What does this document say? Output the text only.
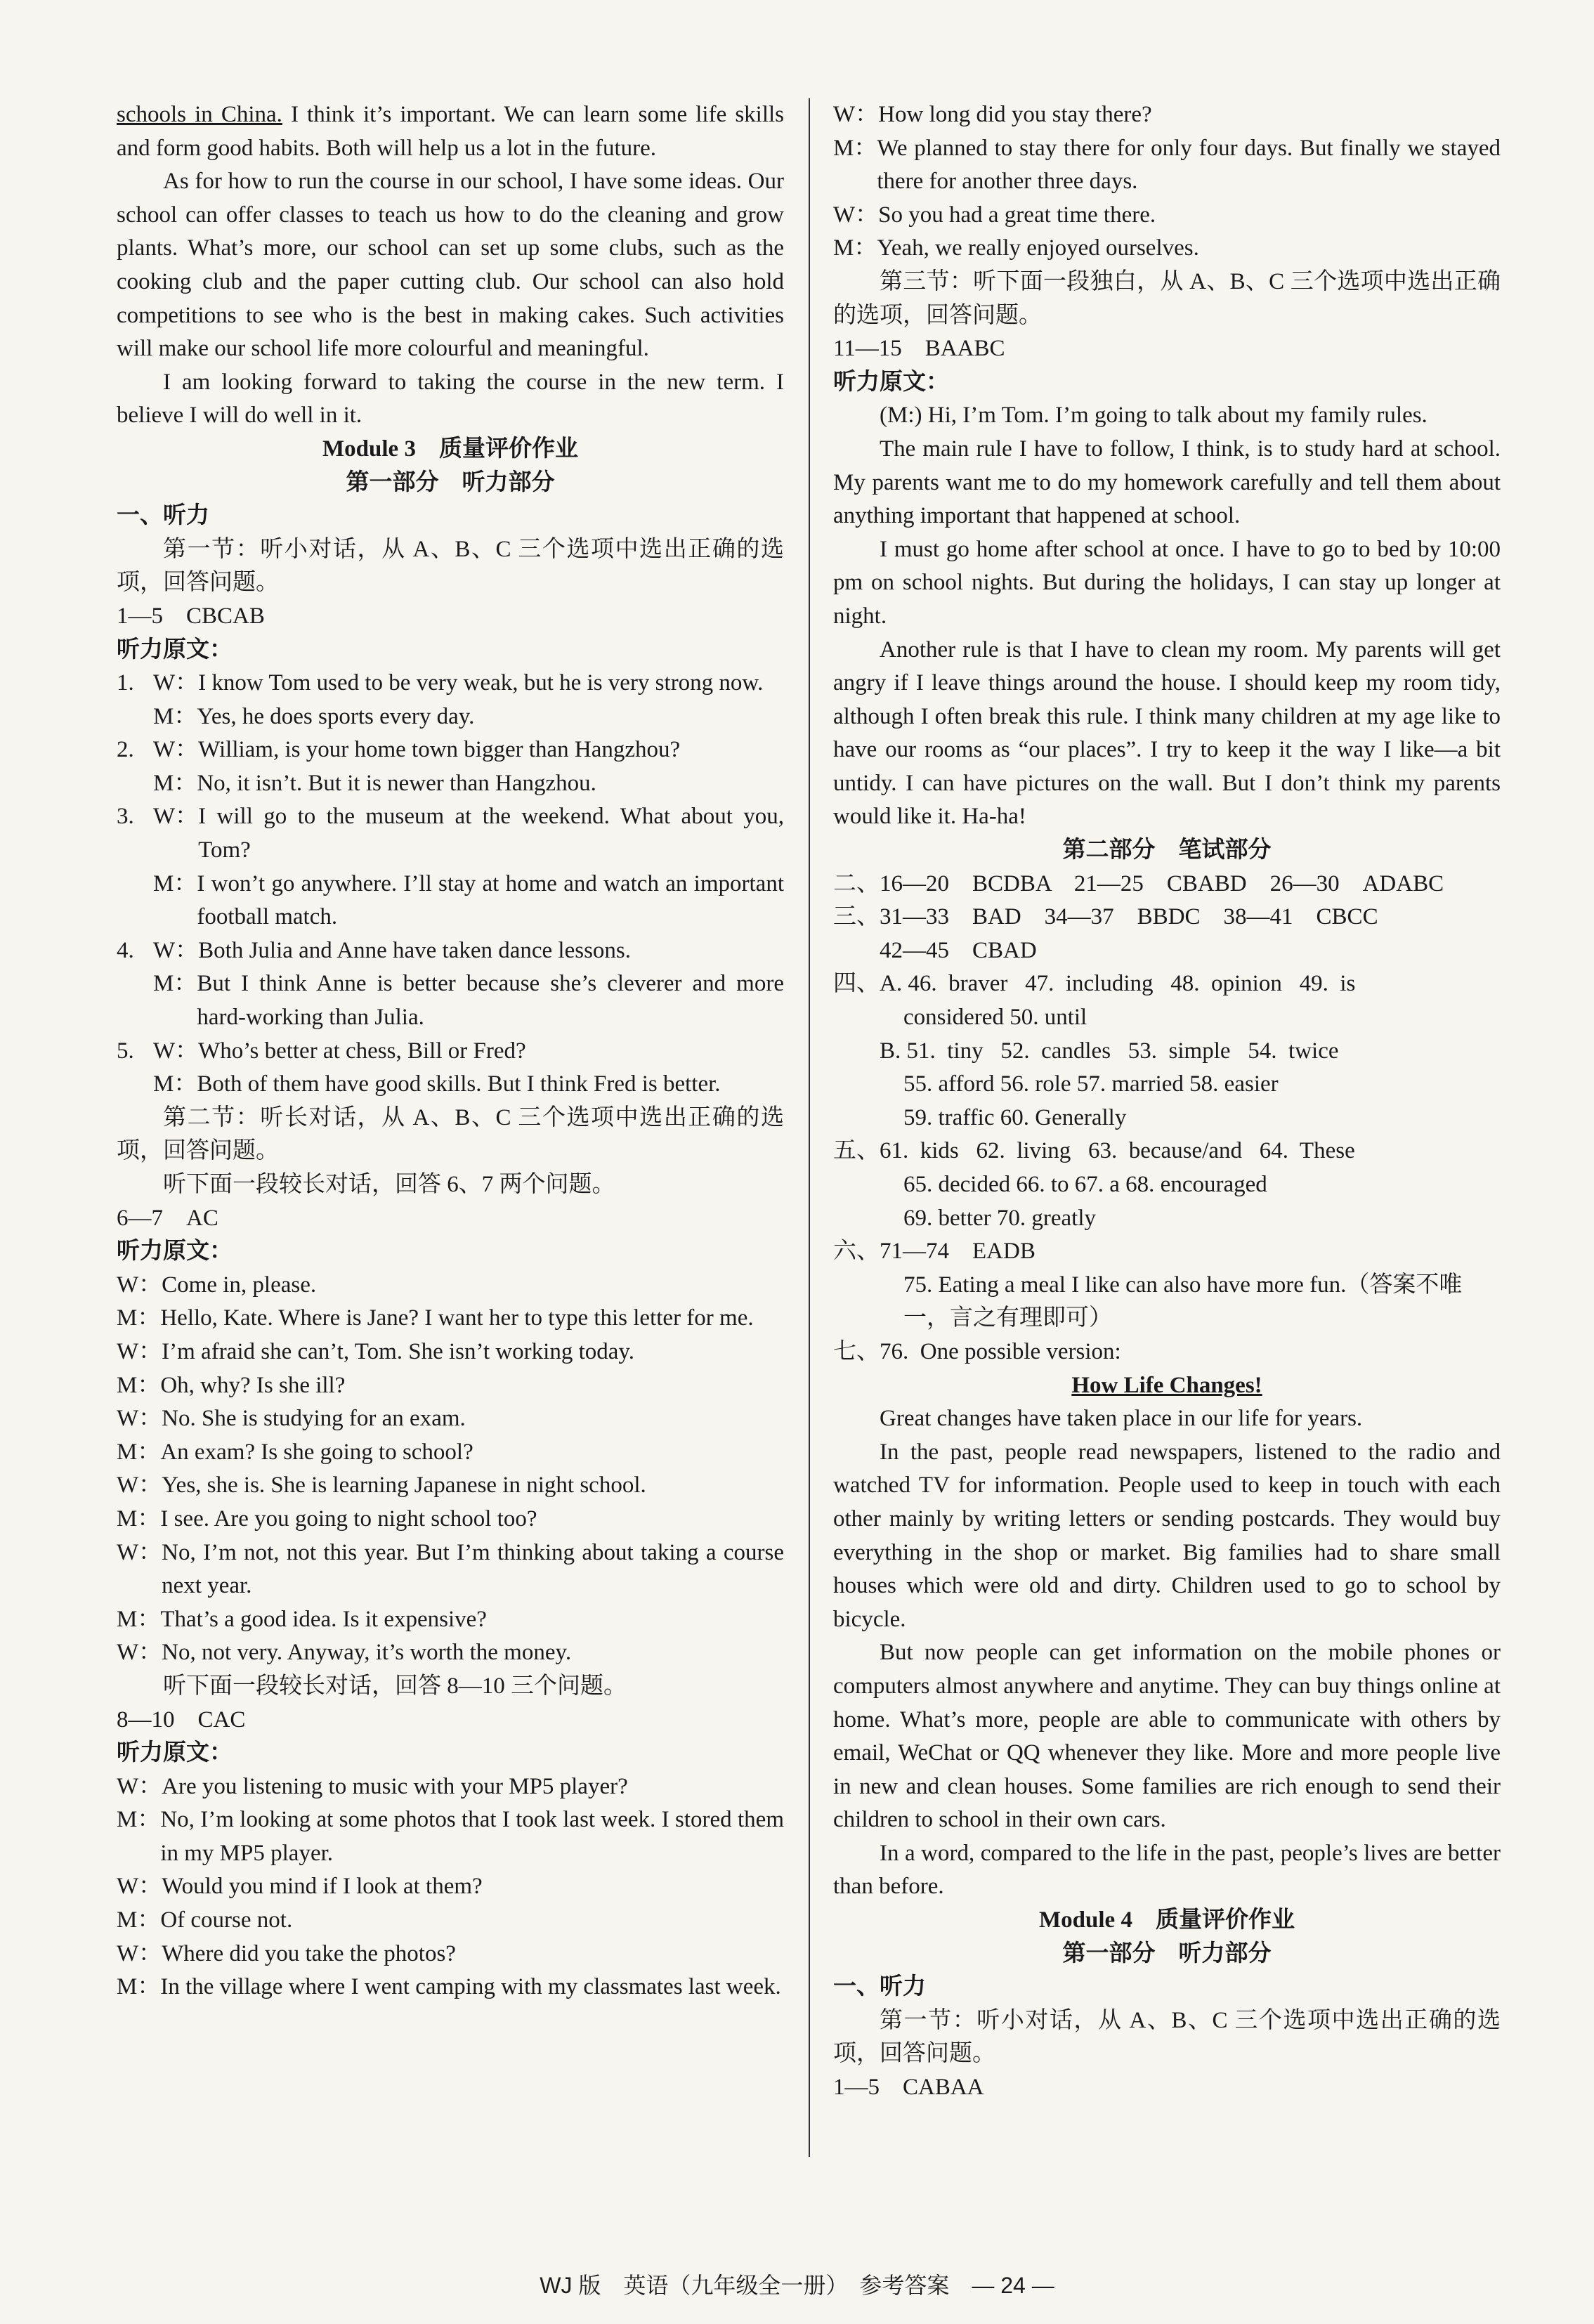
schools in China. I think it’s important. We can learn some life skills and form good habits. Both will help us a lot in the future.

As for how to run the course in our school, I have some ideas. Our school can offer classes to teach us how to do the cleaning and grow plants. What’s more, our school can set up some clubs, such as the cooking club and the paper cutting club. Our school can also hold competitions to see who is the best in making cakes. Such activities will make our school life more colourful and meaningful.

I am looking forward to taking the course in the new term. I believe I will do well in it.

Module 3　质量评价作业

第一部分　听力部分

一、听力

第一节：听小对话，从 A、B、C 三个选项中选出正确的选项，回答问题。

1—5　CBCAB

听力原文：

1. W： I know Tom used to be very weak, but he is very strong now.
M： Yes, he does sports every day.
2. W： William, is your home town bigger than Hangzhou?
M： No, it isn’t. But it is newer than Hangzhou.
3. W： I will go to the museum at the weekend. What about you, Tom?
M： I won’t go anywhere. I’ll stay at home and watch an important football match.
4. W： Both Julia and Anne have taken dance lessons.
M： But I think Anne is better because she’s cleverer and more hard-working than Julia.
5. W： Who’s better at chess, Bill or Fred?
M： Both of them have good skills. But I think Fred is better.

第二节：听长对话，从 A、B、C 三个选项中选出正确的选项，回答问题。

听下面一段较长对话，回答 6、7 两个问题。

6—7　AC

听力原文：

W： Come in, please.
M： Hello, Kate. Where is Jane? I want her to type this letter for me.
W： I’m afraid she can’t, Tom. She isn’t working today.
M： Oh, why? Is she ill?
W： No. She is studying for an exam.
M： An exam? Is she going to school?
W： Yes, she is. She is learning Japanese in night school.
M： I see. Are you going to night school too?
W： No, I’m not, not this year. But I’m thinking about taking a course next year.
M： That’s a good idea. Is it expensive?
W： No, not very. Anyway, it’s worth the money.

听下面一段较长对话，回答 8—10 三个问题。

8—10　CAC

听力原文：

W： Are you listening to music with your MP5 player?
M： No, I’m looking at some photos that I took last week. I stored them in my MP5 player.
W： Would you mind if I look at them?
M： Of course not.
W： Where did you take the photos?
M： In the village where I went camping with my classmates last week.
W： How long did you stay there?
M： We planned to stay there for only four days. But finally we stayed there for another three days.
W： So you had a great time there.
M： Yeah, we really enjoyed ourselves.

第三节：听下面一段独白，从 A、B、C 三个选项中选出正确的选项，回答问题。

11—15　BAABC

听力原文：

(M:) Hi, I’m Tom. I’m going to talk about my family rules.

The main rule I have to follow, I think, is to study hard at school. My parents want me to do my homework carefully and tell them about anything important that happened at school.

I must go home after school at once. I have to go to bed by 10:00 pm on school nights. But during the holidays, I can stay up longer at night.

Another rule is that I have to clean my room. My parents will get angry if I leave things around the house. I should keep my room tidy, although I often break this rule. I think many children at my age like to have our rooms as “our places”. I try to keep it the way I like—a bit untidy. I can have pictures on the wall. But I don’t think my parents would like it. Ha-ha!

第二部分　笔试部分

二、 16—20　BCDBA　21—25　CBABD　26—30　ADABC
三、 31—33　BAD　34—37　BBDC　38—41　CBCC

42—45　CBAD

四、 A. 46.  braver   47.  including   48.  opinion   49.  is

considered 50. until

B. 51.  tiny   52.  candles   53.  simple   54.  twice

55. afford 56. role 57. married 58. easier

59. traffic 60. Generally

五、 61.  kids   62.  living   63.  because/and   64.  These

65. decided 66. to 67. a 68. encouraged

69. better 70. greatly

六、 71—74　EADB

75. Eating a meal I like can also have more fun.（答案不唯一，言之有理即可）

七、 76.  One possible version:

How Life Changes!

Great changes have taken place in our life for years.

In the past, people read newspapers, listened to the radio and watched TV for information. People used to keep in touch with each other mainly by writing letters or sending postcards. They would buy everything in the shop or market. Big families had to share small houses which were old and dirty. Children used to go to school by bicycle.

But now people can get information on the mobile phones or computers almost anywhere and anytime. They can buy things online at home. What’s more, people are able to communicate with others by email, WeChat or QQ whenever they like. More and more people live in new and clean houses. Some families are rich enough to send their children to school in their own cars.

In a word, compared to the life in the past, people’s lives are better than before.

Module 4　质量评价作业

第一部分　听力部分

一、听力

第一节：听小对话，从 A、B、C 三个选项中选出正确的选项，回答问题。

1—5　CABAA

WJ 版　英语（九年级全一册）　参考答案　— 24 —
